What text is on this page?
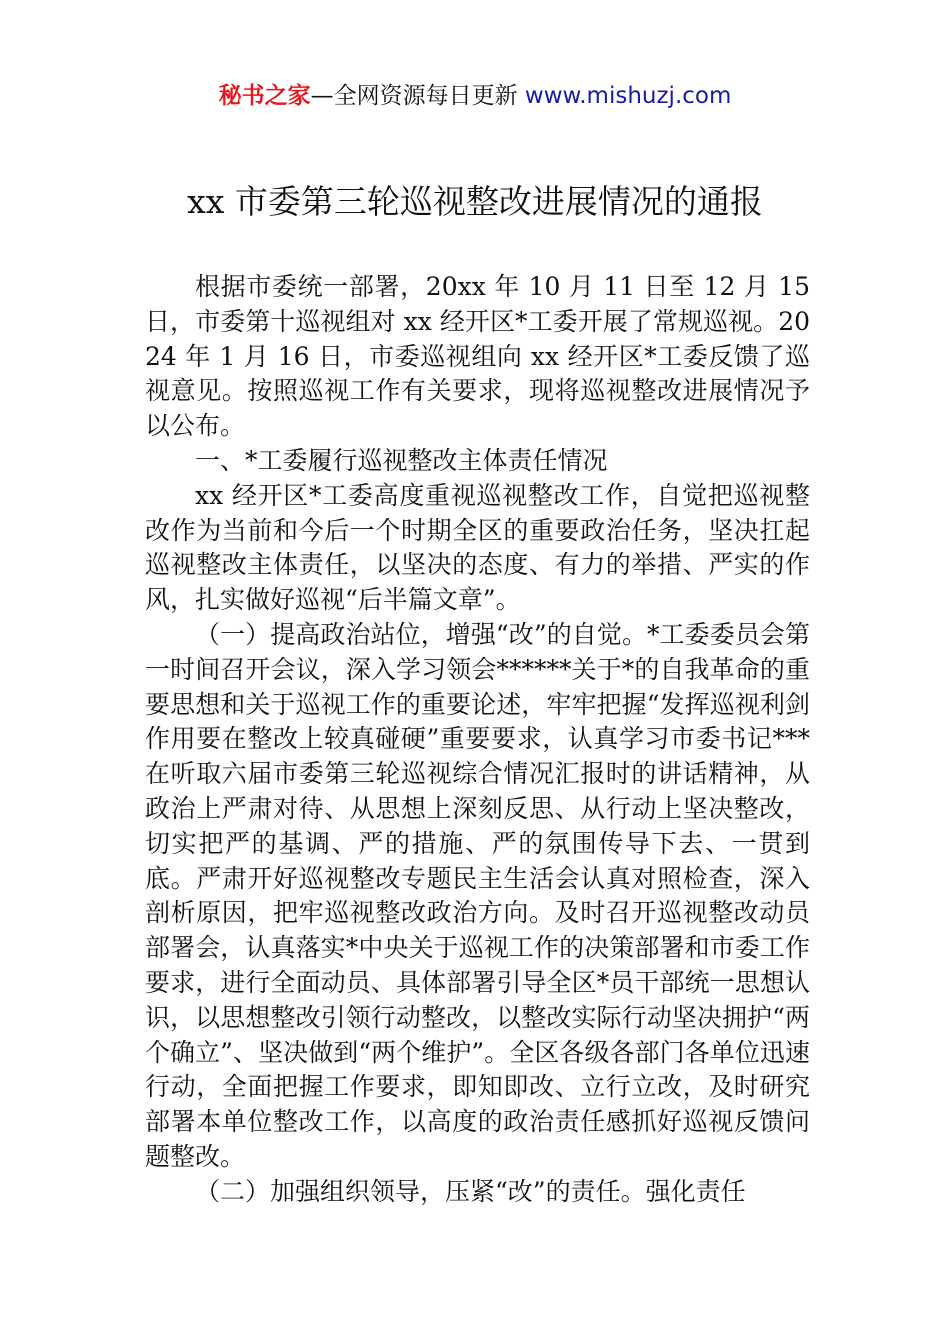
秘书之家—全网资源每日更新 www.mishuzj.com
xx 市委第三轮巡视整改进展情况的通报

根据市委统一部署，20xx 年 10 月 11 日至 12 月 15 日，市委第十巡视组对 xx 经开区*工委开展了常规巡视。2024 年 1 月 16 日，市委巡视组向 xx 经开区*工委反馈了巡视意见。按照巡视工作有关要求，现将巡视整改进展情况予以公布。

一、*工委履行巡视整改主体责任情况

xx 经开区*工委高度重视巡视整改工作，自觉把巡视整改作为当前和今后一个时期全区的重要政治任务，坚决扛起巡视整改主体责任，以坚决的态度、有力的举措、严实的作风，扎实做好巡视“后半篇文章”。

（一）提高政治站位，增强“改”的自觉。*工委委员会第一时间召开会议，深入学习领会******关于*的自我革命的重要思想和关于巡视工作的重要论述，牢牢把握“发挥巡视利剑作用要在整改上较真碰硬”重要要求，认真学习市委书记***在听取六届市委第三轮巡视综合情况汇报时的讲话精神，从政治上严肃对待、从思想上深刻反思、从行动上坚决整改，切实把严的基调、严的措施、严的氛围传导下去、一贯到底。严肃开好巡视整改专题民主生活会认真对照检查，深入剖析原因，把牢巡视整改政治方向。及时召开巡视整改动员部署会，认真落实*中央关于巡视工作的决策部署和市委工作要求，进行全面动员、具体部署引导全区*员干部统一思想认识，以思想整改引领行动整改，以整改实际行动坚决拥护“两个确立”、坚决做到“两个维护”。全区各级各部门各单位迅速行动，全面把握工作要求，即知即改、立行立改，及时研究部署本单位整改工作，以高度的政治责任感抓好巡视反馈问题整改。

（二）加强组织领导，压紧“改”的责任。强化责任
